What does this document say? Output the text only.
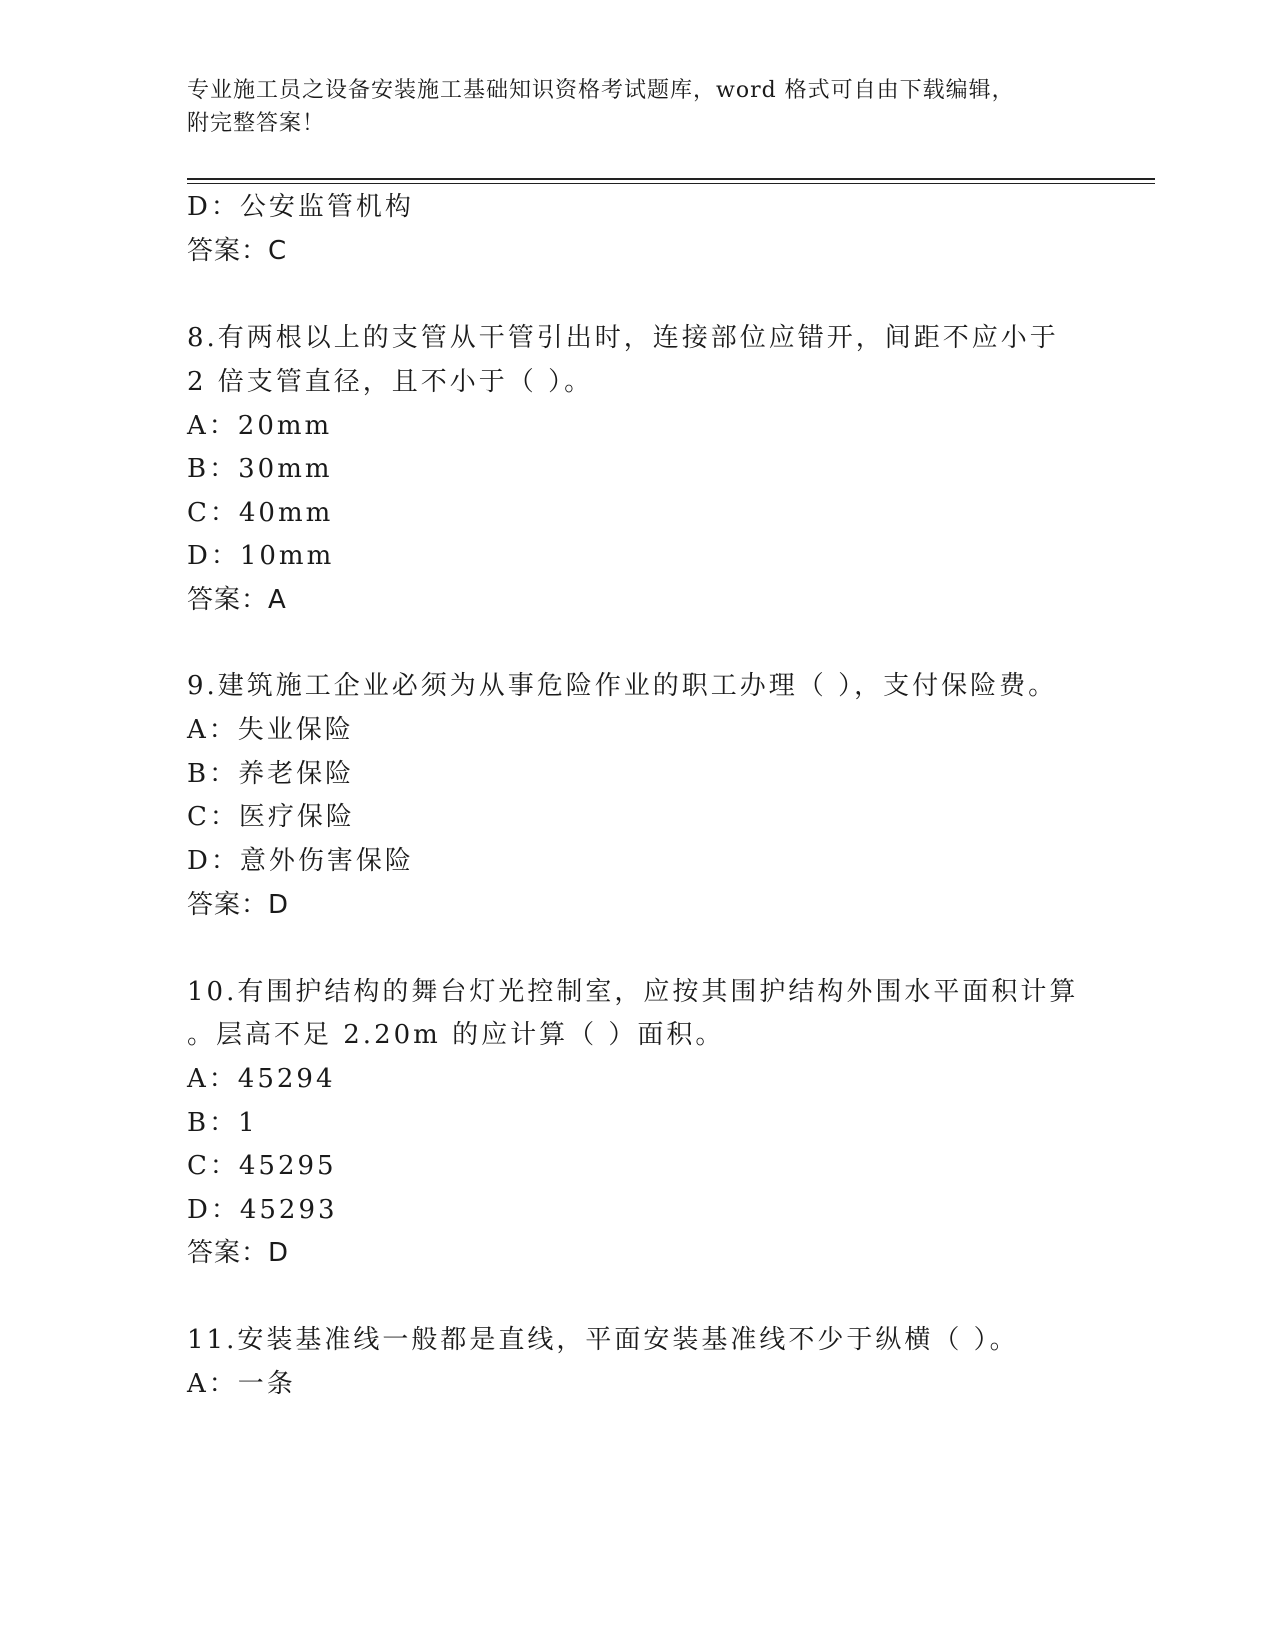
专业施工员之设备安装施工基础知识资格考试题库，word 格式可自由下载编辑，
附完整答案！
D：公安监管机构
答案：C
8.有两根以上的支管从干管引出时，连接部位应错开，间距不应小于
2 倍支管直径，且不小于（ ）。
A：20mm
B：30mm
C：40mm
D：10mm
答案：A
9.建筑施工企业必须为从事危险作业的职工办理（ ），支付保险费。
A：失业保险
B：养老保险
C：医疗保险
D：意外伤害保险
答案：D
10.有围护结构的舞台灯光控制室，应按其围护结构外围水平面积计算
。层高不足 2.20m 的应计算（ ）面积。
A：45294
B：1
C：45295
D：45293
答案：D
11.安装基准线一般都是直线，平面安装基准线不少于纵横（ ）。
A：一条
